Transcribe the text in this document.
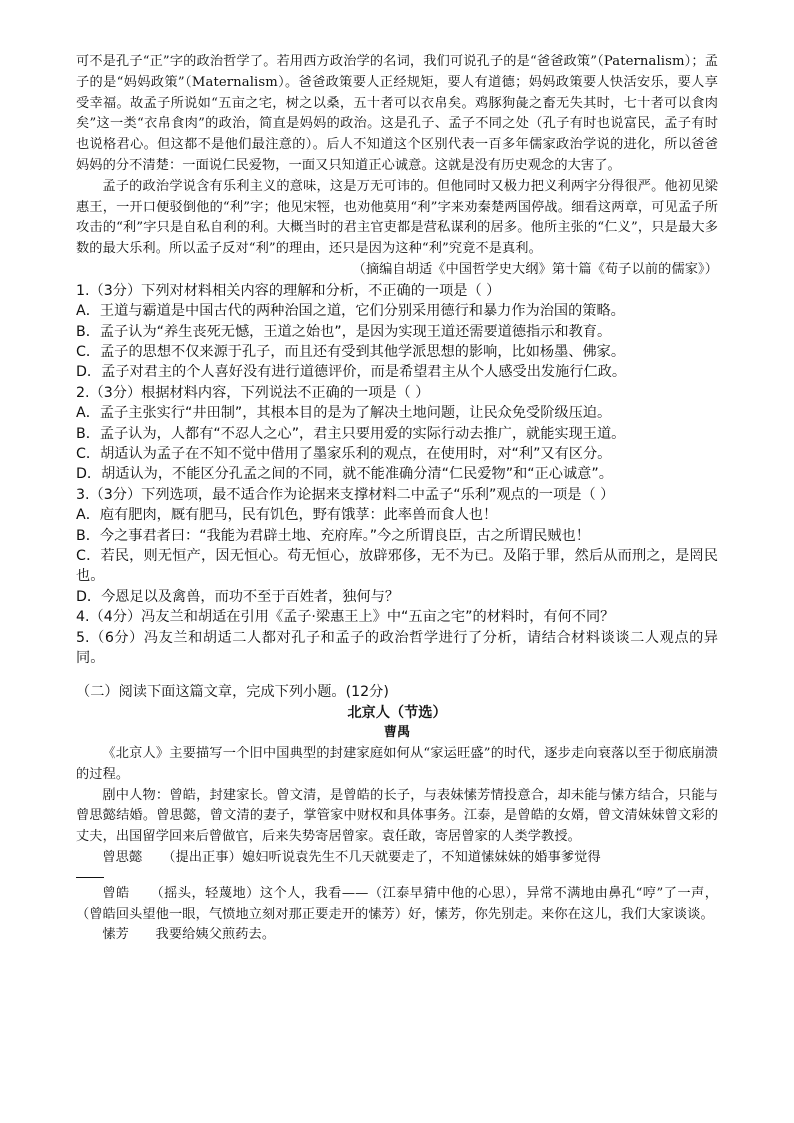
可不是孔子“正”字的政治哲学了。若用西方政治学的名词，我们可说孔子的是“爸爸政策”（Paternalism）；孟子的是“妈妈政策”（Maternalism）。爸爸政策要人正经规矩，要人有道德；妈妈政策要人快活安乐，要人享受幸福。故孟子所说如“五亩之宅，树之以桑，五十者可以衣帛矣。鸡豚狗彘之畜无失其时，七十者可以食肉矣”这一类“衣帛食肉”的政治，简直是妈妈的政治。这是孔子、孟子不同之处（孔子有时也说富民，孟子有时也说格君心。但这都不是他们最注意的）。后人不知道这个区别代表一百多年儒家政治学说的进化，所以爸爸妈妈的分不清楚：一面说仁民爱物，一面又只知道正心诚意。这就是没有历史观念的大害了。

孟子的政治学说含有乐利主义的意味，这是万无可讳的。但他同时又极力把义利两字分得很严。他初见梁惠王，一开口便驳倒他的“利”字；他见宋牼，也劝他莫用“利”字来劝秦楚两国停战。细看这两章，可见孟子所攻击的“利”字只是自私自利的利。大概当时的君主官吏都是营私谋利的居多。他所主张的“仁义”，只是最大多数的最大乐利。所以孟子反对“利”的理由，还只是因为这种“利”究竟不是真利。

（摘编自胡适《中国哲学史大纲》第十篇《荀子以前的儒家》）

1.（3分）下列对材料相关内容的理解和分析，不正确的一项是（ ）

A．王道与霸道是中国古代的两种治国之道，它们分别采用德行和暴力作为治国的策略。

B．孟子认为“养生丧死无憾，王道之始也”，是因为实现王道还需要道德指示和教育。

C．孟子的思想不仅来源于孔子，而且还有受到其他学派思想的影响，比如杨墨、佛家。

D．孟子对君主的个人喜好没有进行道德评价，而是希望君主从个人感受出发施行仁政。

2.（3分）根据材料内容，下列说法不正确的一项是（ ）

A．孟子主张实行“井田制”，其根本目的是为了解决土地问题，让民众免受阶级压迫。

B．孟子认为，人都有“不忍人之心”，君主只要用爱的实际行动去推广，就能实现王道。

C．胡适认为孟子在不知不觉中借用了墨家乐利的观点，在使用时，对“利”又有区分。

D．胡适认为，不能区分孔孟之间的不同，就不能准确分清“仁民爱物”和“正心诚意”。

3.（3分）下列选项，最不适合作为论据来支撑材料二中孟子“乐利”观点的一项是（ ）

A．庖有肥肉，厩有肥马，民有饥色，野有饿莩：此率兽而食人也！

B．今之事君者曰：“我能为君辟土地、充府库。”今之所谓良臣，古之所谓民贼也！

C．若民，则无恒产，因无恒心。苟无恒心，放辟邪侈，无不为已。及陷于罪，然后从而刑之，是罔民也。

D．今恩足以及禽兽，而功不至于百姓者，独何与？

4.（4分）冯友兰和胡适在引用《孟子·梁惠王上》中“五亩之宅”的材料时，有何不同？

5.（6分）冯友兰和胡适二人都对孔子和孟子的政治哲学进行了分析，请结合材料谈谈二人观点的异同。

（二）阅读下面这篇文章，完成下列小题。(12分)

北京人（节选）

曹禺

《北京人》主要描写一个旧中国典型的封建家庭如何从“家运旺盛”的时代，逐步走向衰落以至于彻底崩溃的过程。

剧中人物：曾皓，封建家长。曾文清，是曾皓的长子，与表妹愫芳情投意合，却未能与愫方结合，只能与曾思懿结婚。曾思懿，曾文清的妻子，掌管家中财权和具体事务。江泰，是曾皓的女婿，曾文清妹妹曾文彩的丈夫，出国留学回来后曾做官，后来失势寄居曾家。袁任敢，寄居曾家的人类学教授。

曾思懿　　 （提出正事）媳妇听说袁先生不几天就要走了，不知道愫妹妹的婚事爹觉得

曾皓　　 （摇头，轻蔑地）这个人，我看——（江泰早猜中他的心思），异常不满地由鼻孔“哼”了一声，（曾皓回头望他一眼，气愤地立刻对那正要走开的愫芳）好，愫芳，你先别走。来你在这儿，我们大家谈谈。

愫芳　　 我要给姨父煎药去。
